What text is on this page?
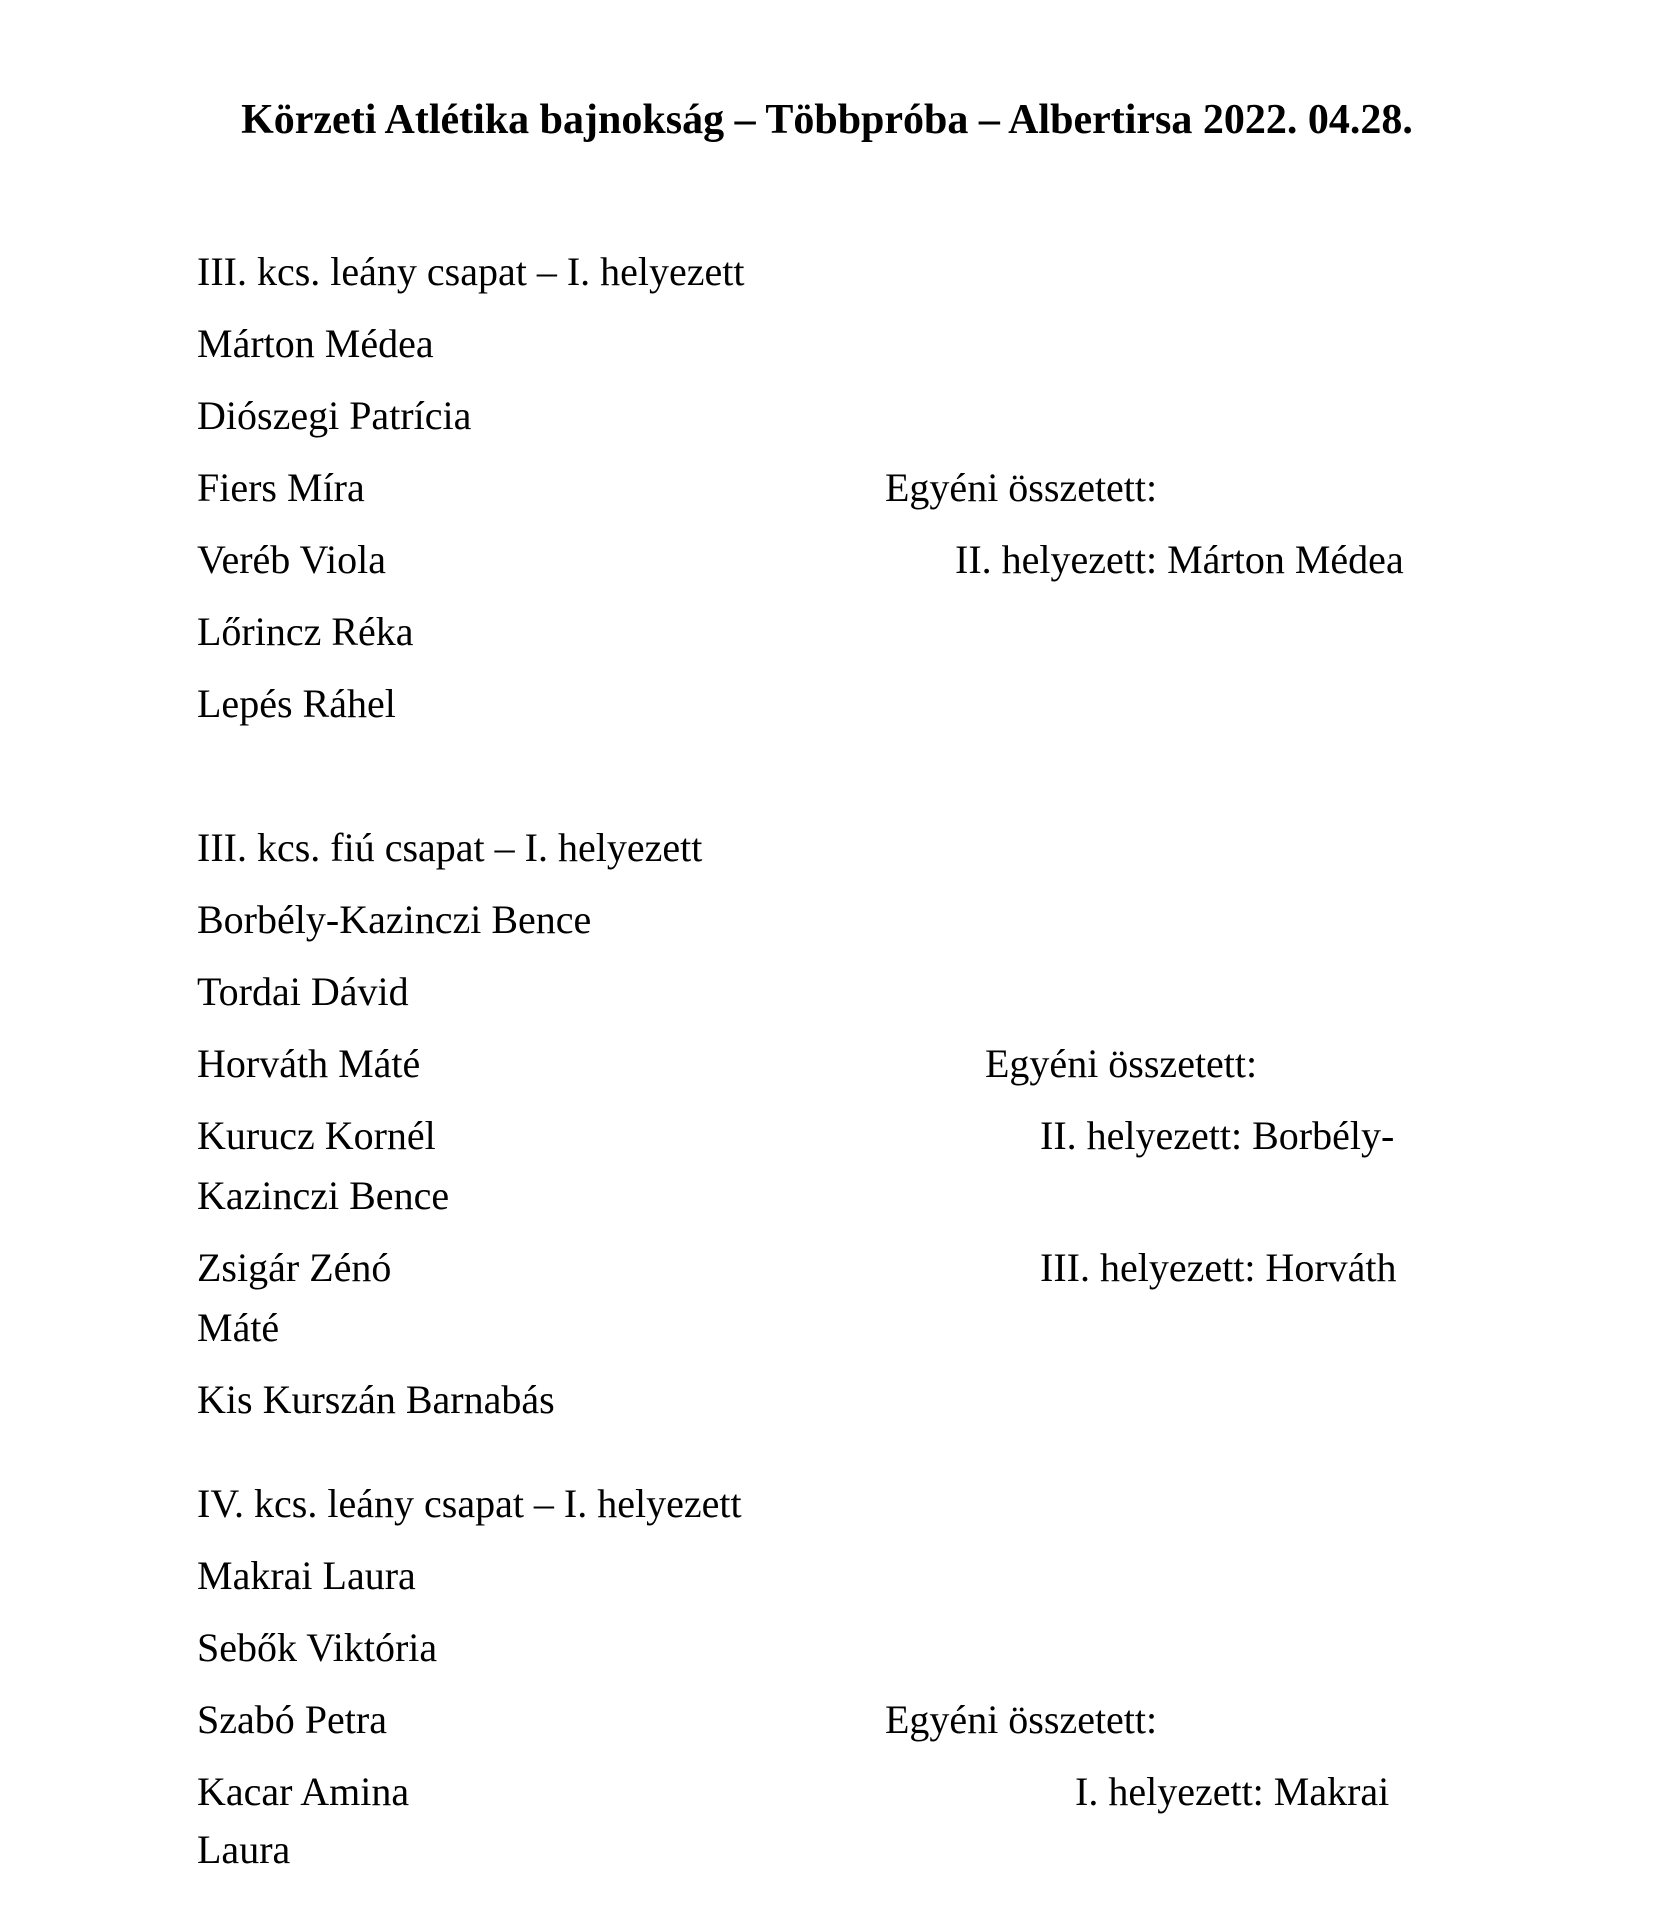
Körzeti Atlétika bajnokság – Többpróba – Albertirsa 2022. 04.28.
III. kcs. leány csapat – I. helyezett
Márton Médea
Diószegi Patrícia
Fiers Míra	Egyéni összetett:
Veréb Viola	II. helyezett: Márton Médea
Lőrincz Réka
Lepés Ráhel
III. kcs. fiú csapat – I. helyezett
Borbély-Kazinczi Bence
Tordai Dávid
Horváth Máté	Egyéni összetett:
Kurucz Kornél	II. helyezett: Borbély-
Kazinczi Bence
Zsigár Zénó	III. helyezett: Horváth
Máté
Kis Kurszán Barnabás
IV. kcs. leány csapat – I. helyezett
Makrai Laura
Sebők Viktória
Szabó Petra	Egyéni összetett:
Kacar Amina	I. helyezett: Makrai
Laura
